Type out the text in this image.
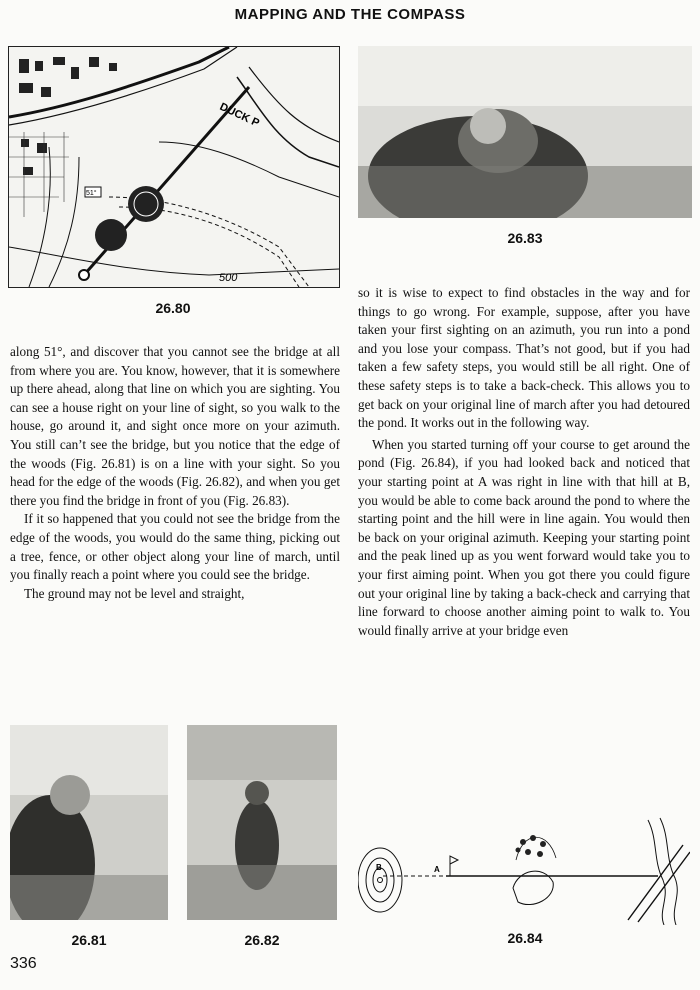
MAPPING AND THE COMPASS
DUCK P
51°
500
26.80
26.83

along 51°, and discover that you cannot see the bridge at all from where you are. You know, however, that it is somewhere up there ahead, along that line on which you are sighting. You can see a house right on your line of sight, so you walk to the house, go around it, and sight once more on your azimuth. You still can’t see the bridge, but you notice that the edge of the woods (Fig. 26.81) is on a line with your sight. So you head for the edge of the woods (Fig. 26.82), and when you get there you find the bridge in front of you (Fig. 26.83).

If it so happened that you could not see the bridge from the edge of the woods, you would do the same thing, picking out a tree, fence, or other object along your line of march, until you finally reach a point where you could see the bridge.

The ground may not be level and straight,

so it is wise to expect to find obstacles in the way and for things to go wrong. For example, suppose, after you have taken your first sighting on an azimuth, you run into a pond and you lose your compass. That’s not good, but if you had taken a few safety steps, you would still be all right. One of these safety steps is to take a back-check. This allows you to get back on your original line of march after you had detoured the pond. It works out in the following way.

When you started turning off your course to get around the pond (Fig. 26.84), if you had looked back and noticed that your starting point at A was right in line with that hill at B, you would be able to come back around the pond to where the starting point and the hill were in line again. You would then be back on your original azimuth. Keeping your starting point and the peak lined up as you went forward would take you to your first aiming point. When you got there you could figure out your original line by taking a back-check and carrying that line forward to choose another aiming point to walk to. You would finally arrive at your bridge even

26.81	26.82
B	A
26.84
336
